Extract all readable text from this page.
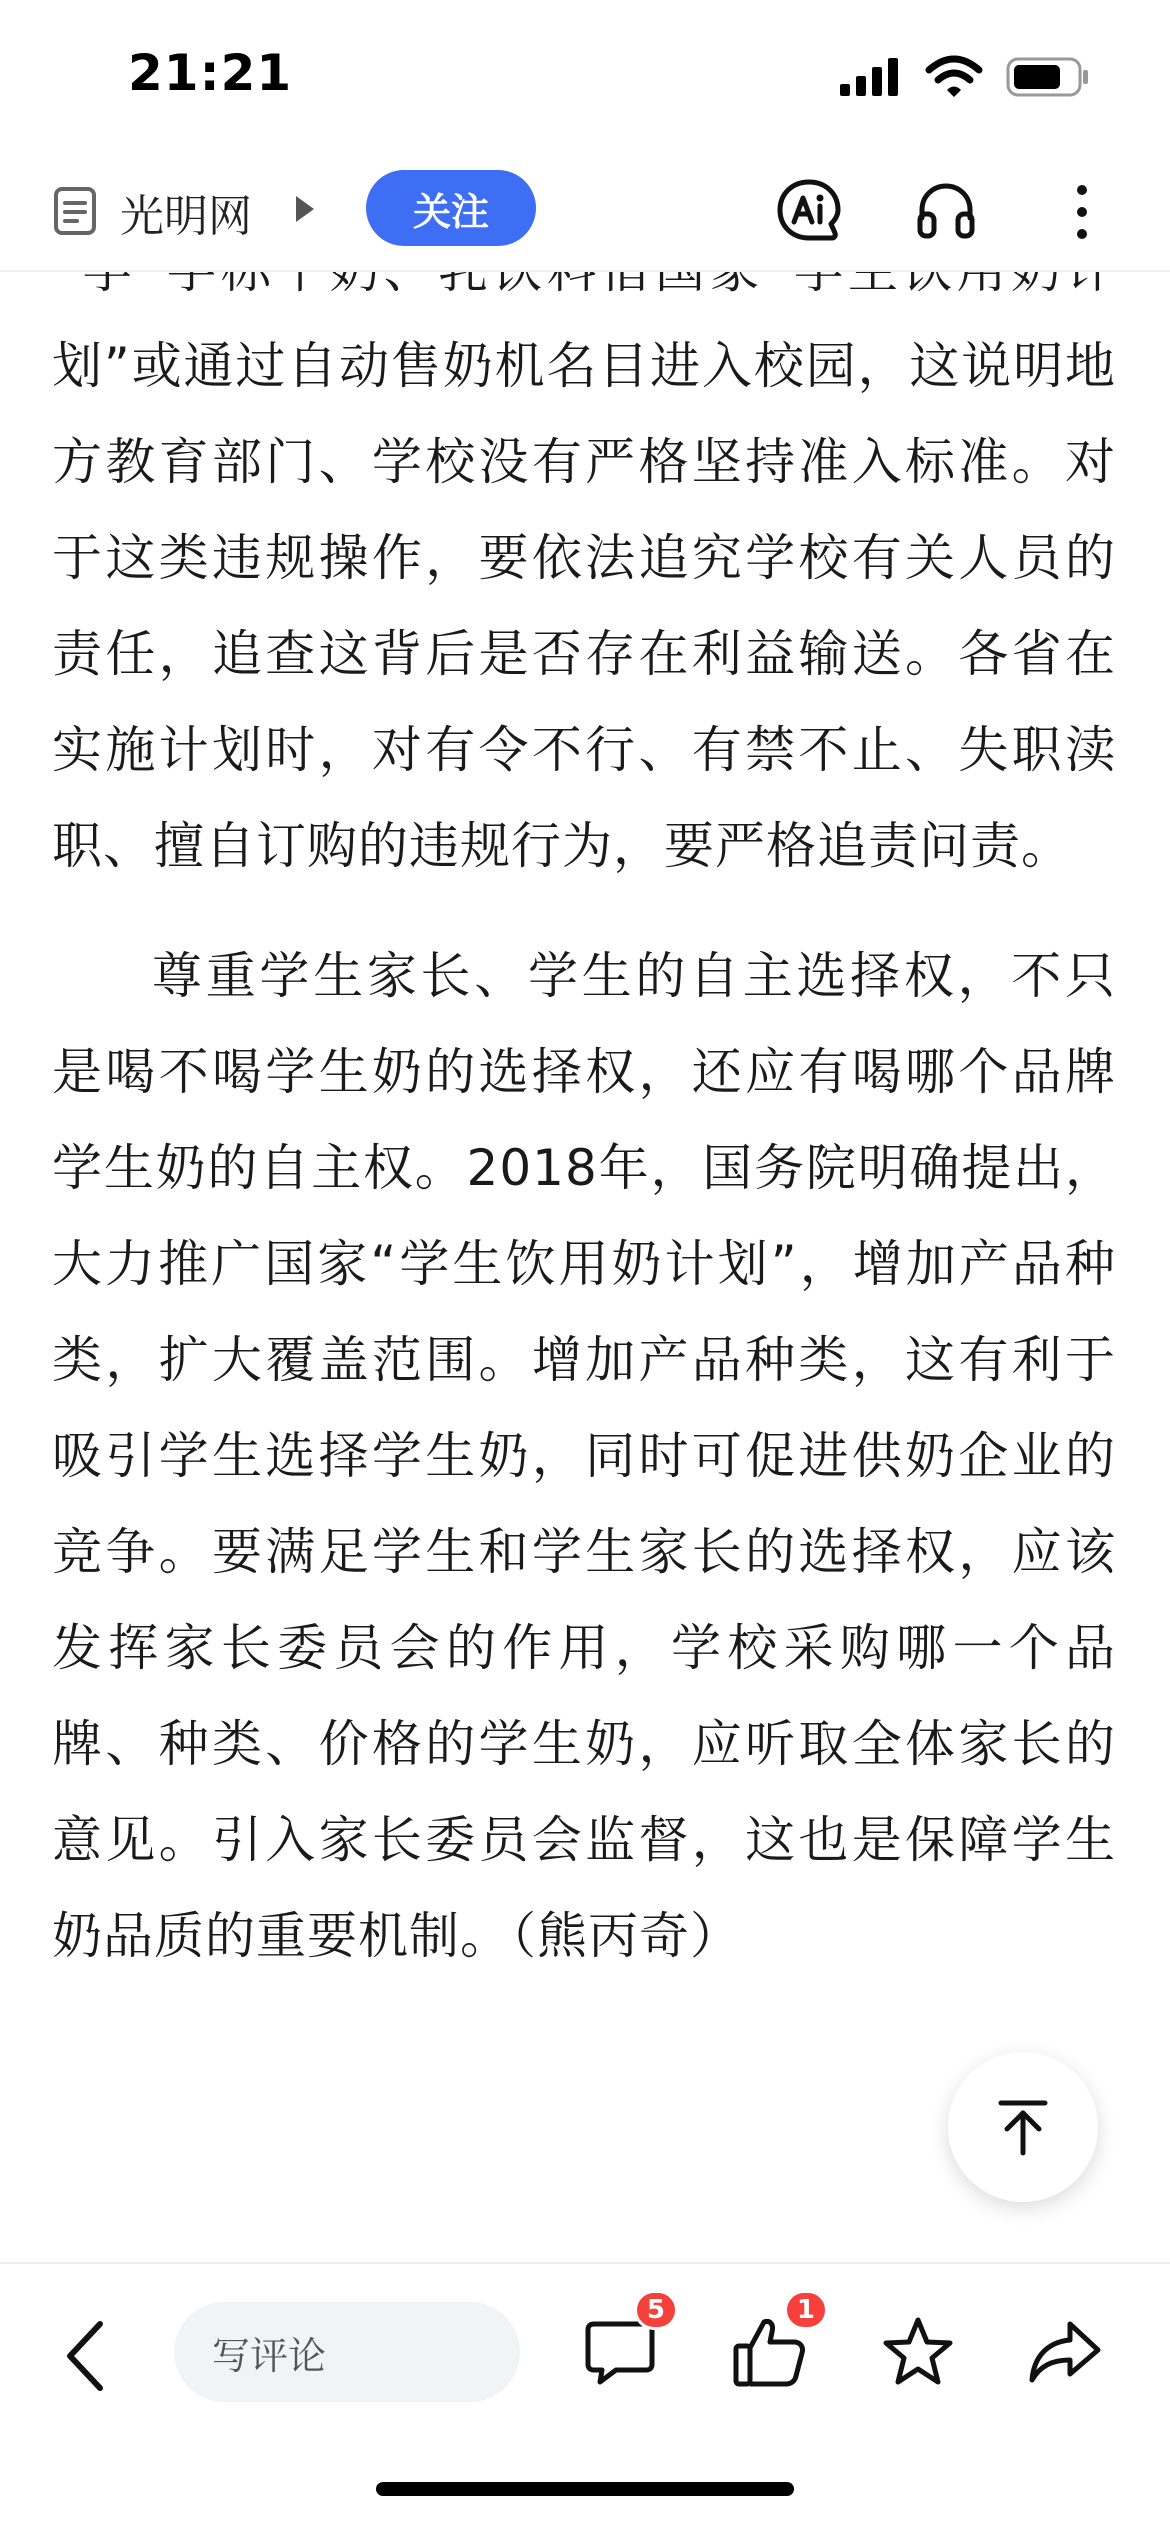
21:21
光明网	关注

划”或通过自动售奶机名目进入校园，这说明地方教育部门、学校没有严格坚持准入标准。对于这类违规操作，要依法追究学校有关人员的责任，追查这背后是否存在利益输送。各省在实施计划时，对有令不行、有禁不止、失职渎职、擅自订购的违规行为，要严格追责问责。

尊重学生家长、学生的自主选择权，不只是喝不喝学生奶的选择权，还应有喝哪个品牌学生奶的自主权。2018年，国务院明确提出，大力推广国家“学生饮用奶计划”，增加产品种类，扩大覆盖范围。增加产品种类，这有利于吸引学生选择学生奶，同时可促进供奶企业的竞争。要满足学生和学生家长的选择权，应该发挥家长委员会的作用，学校采购哪一个品牌、种类、价格的学生奶，应听取全体家长的意见。引入家长委员会监督，这也是保障学生奶品质的重要机制。（熊丙奇）

写评论
5	1
